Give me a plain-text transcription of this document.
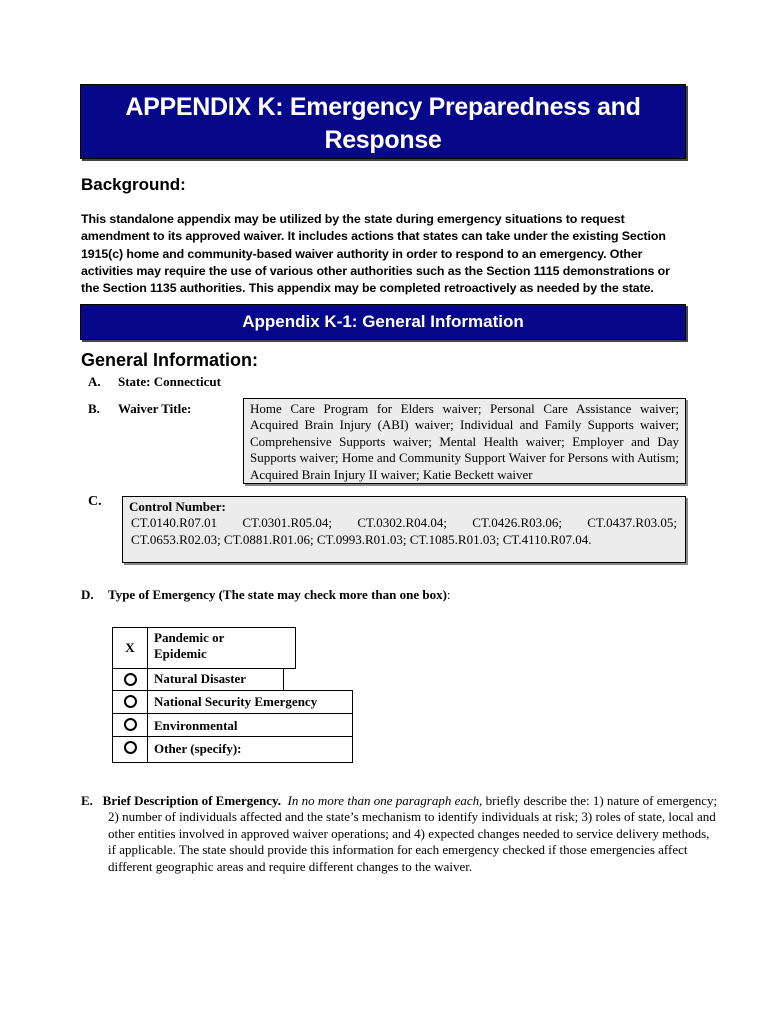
APPENDIX K: Emergency Preparedness and
Response
Background:
This standalone appendix may be utilized by the state during emergency situations to request amendment to its approved waiver. It includes actions that states can take under the existing Section 1915(c) home and community-based waiver authority in order to respond to an emergency. Other activities may require the use of various other authorities such as the Section 1115 demonstrations or the Section 1135 authorities. This appendix may be completed retroactively as needed by the state.
Appendix K-1: General Information
General Information:
A. State: Connecticut
B. Waiver Title:	Home Care Program for Elders waiver; Personal Care Assistance waiver; Acquired Brain Injury (ABI) waiver; Individual and Family Supports waiver; Comprehensive Supports waiver; Mental Health waiver; Employer and Day Supports waiver; Home and Community Support Waiver for Persons with Autism; Acquired Brain Injury II waiver; Katie Beckett waiver
C. Control Number:
CT.0140.R07.01 CT.0301.R05.04; CT.0302.R04.04; CT.0426.R03.06; CT.0437.R03.05;
CT.0653.R02.03; CT.0881.R01.06; CT.0993.R01.03; CT.1085.R01.03; CT.4110.R07.04.
D. Type of Emergency (The state may check more than one box):
X
Pandemic or
Epidemic
Natural Disaster
National Security Emergency
Environmental
Other (specify):
E. Brief Description of Emergency. In no more than one paragraph each, briefly describe the: 1) nature of emergency; 2) number of individuals affected and the state’s mechanism to identify individuals at risk; 3) roles of state, local and other entities involved in approved waiver operations; and 4) expected changes needed to service delivery methods, if applicable. The state should provide this information for each emergency checked if those emergencies affect different geographic areas and require different changes to the waiver.
